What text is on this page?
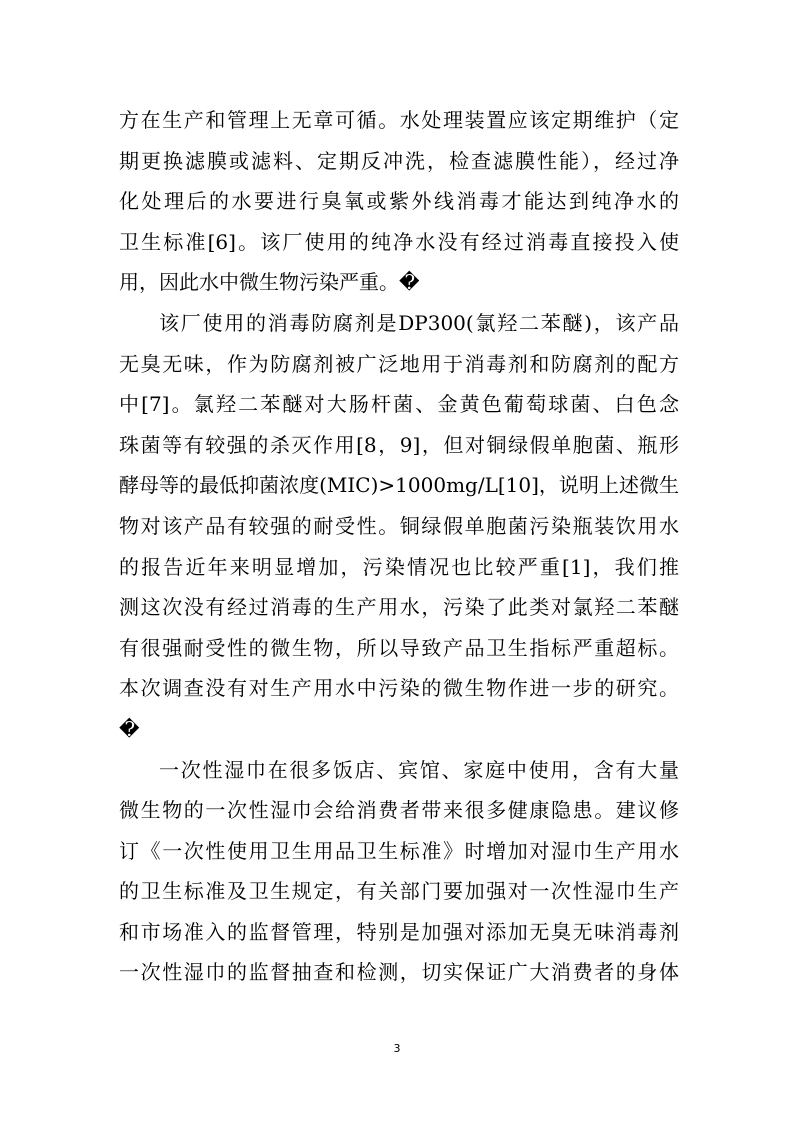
方在生产和管理上无章可循。水处理装置应该定期维护（定
期更换滤膜或滤料、定期反冲洗，检查滤膜性能），经过净
化处理后的水要进行臭氧或紫外线消毒才能达到纯净水的
卫生标准[6]。该厂使用的纯净水没有经过消毒直接投入使
用，因此水中微生物污染严重。�
该厂使用的消毒防腐剂是DP300(氯羟二苯醚)，该产品
无臭无味，作为防腐剂被广泛地用于消毒剂和防腐剂的配方
中[7]。氯羟二苯醚对大肠杆菌、金黄色葡萄球菌、白色念
珠菌等有较强的杀灭作用[8，9]，但对铜绿假单胞菌、瓶形
酵母等的最低抑菌浓度(MIC)>1000mg/L[10]，说明上述微生
物对该产品有较强的耐受性。铜绿假单胞菌污染瓶装饮用水
的报告近年来明显增加，污染情况也比较严重[1]，我们推
测这次没有经过消毒的生产用水，污染了此类对氯羟二苯醚
有很强耐受性的微生物，所以导致产品卫生指标严重超标。
本次调查没有对生产用水中污染的微生物作进一步的研究。
�
一次性湿巾在很多饭店、宾馆、家庭中使用，含有大量
微生物的一次性湿巾会给消费者带来很多健康隐患。建议修
订《一次性使用卫生用品卫生标准》时增加对湿巾生产用水
的卫生标准及卫生规定，有关部门要加强对一次性湿巾生产
和市场准入的监督管理，特别是加强对添加无臭无味消毒剂
一次性湿巾的监督抽查和检测，切实保证广大消费者的身体
3
